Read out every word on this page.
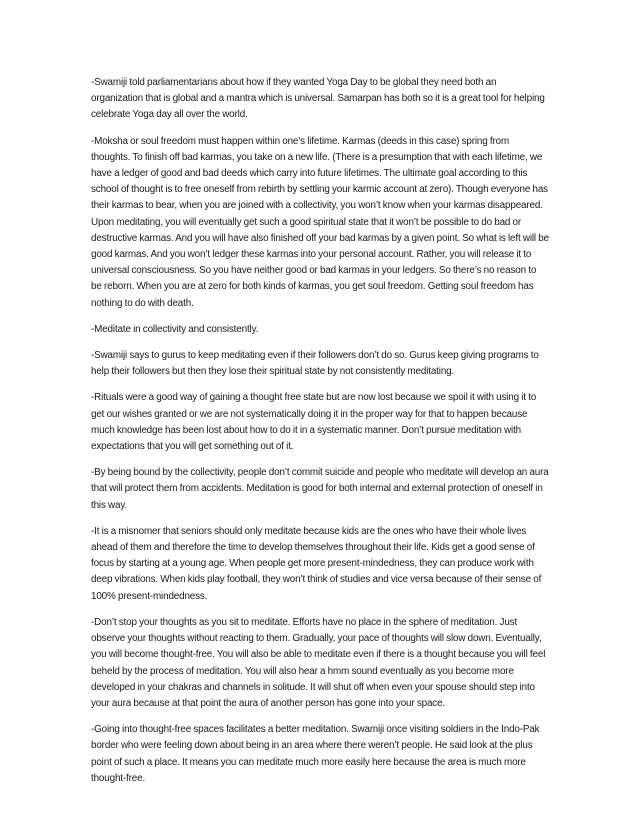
-Swamiji told parliamentarians about how if they wanted Yoga Day to be global they need both an organization that is global and a mantra which is universal. Samarpan has both so it is a great tool for helping celebrate Yoga day all over the world.

-Moksha or soul freedom must happen within one’s lifetime. Karmas (deeds in this case) spring from thoughts. To finish off bad karmas, you take on a new life. (There is a presumption that with each lifetime, we have a ledger of good and bad deeds which carry into future lifetimes. The ultimate goal according to this school of thought is to free oneself from rebirth by settling your karmic account at zero). Though everyone has their karmas to bear, when you are joined with a collectivity, you won’t know when your karmas disappeared. Upon meditating, you will eventually get such a good spiritual state that it won’t be possible to do bad or destructive karmas. And you will have also finished off your bad karmas by a given point. So what is left will be good karmas. And you won’t ledger these karmas into your personal account. Rather, you will release it to universal consciousness. So you have neither good or bad karmas in your ledgers. So there’s no reason to be reborn. When you are at zero for both kinds of karmas, you get soul freedom. Getting soul freedom has nothing to do with death.

-Meditate in collectivity and consistently.

-Swamiji says to gurus to keep meditating even if their followers don’t do so. Gurus keep giving programs to help their followers but then they lose their spiritual state by not consistently meditating.

-Rituals were a good way of gaining a thought free state but are now lost because we spoil it with using it to get our wishes granted or we are not systematically doing it in the proper way for that to happen because much knowledge has been lost about how to do it in a systematic manner. Don’t pursue meditation with expectations that you will get something out of it.

-By being bound by the collectivity, people don’t commit suicide and people who meditate will develop an aura that will protect them from accidents. Meditation is good for both internal and external protection of oneself in this way.

-It is a misnomer that seniors should only meditate because kids are the ones who have their whole lives ahead of them and therefore the time to develop themselves throughout their life. Kids get a good sense of focus by starting at a young age. When people get more present-mindedness, they can produce work with deep vibrations. When kids play football, they won’t think of studies and vice versa because of their sense of 100% present-mindedness.

-Don’t stop your thoughts as you sit to meditate. Efforts have no place in the sphere of meditation. Just observe your thoughts without reacting to them. Gradually, your pace of thoughts will slow down. Eventually, you will become thought-free. You will also be able to meditate even if there is a thought because you will feel beheld by the process of meditation. You will also hear a hmm sound eventually as you become more developed in your chakras and channels in solitude. It will shut off when even your spouse should step into your aura because at that point the aura of another person has gone into your space.

-Going into thought-free spaces facilitates a better meditation. Swamiji once visiting soldiers in the Indo-Pak border who were feeling down about being in an area where there weren’t people. He said look at the plus point of such a place. It means you can meditate much more easily here because the area is much more thought-free.
